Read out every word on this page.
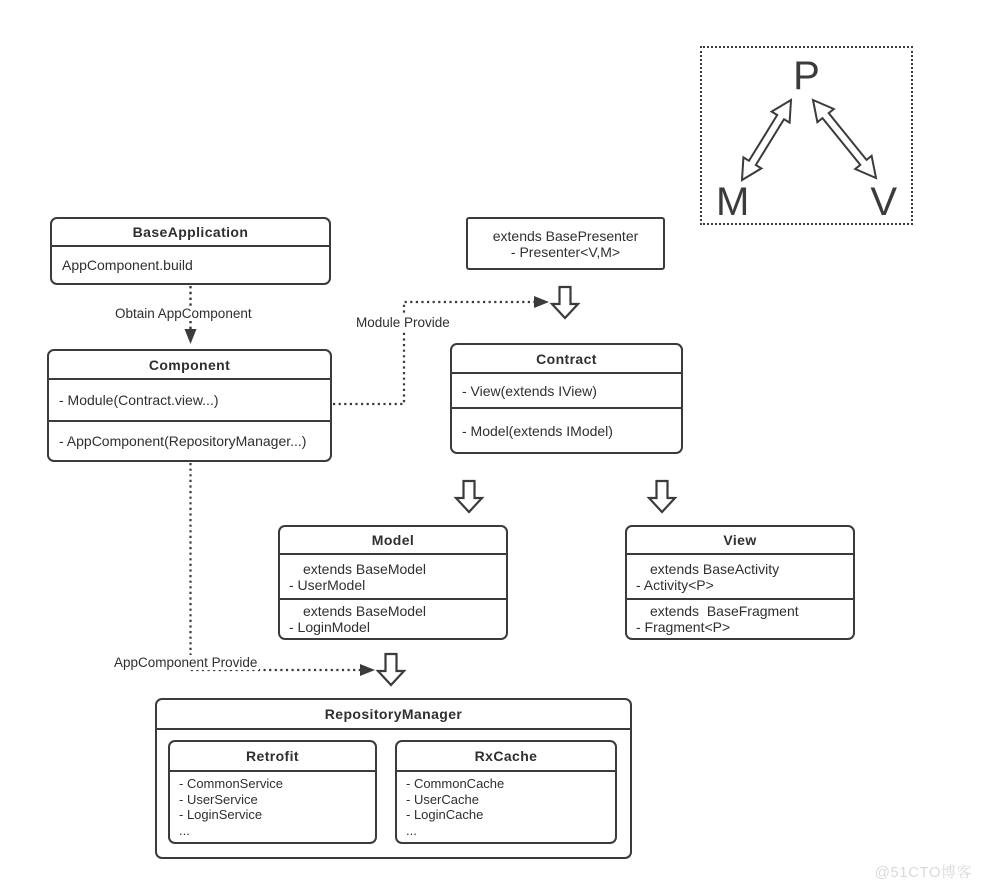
P
M	V
BaseApplication
AppComponent.build
Component
- Module(Contract.view...)
- AppComponent(RepositoryManager...)
extends BasePresenter
- Presenter<V,M>
Contract
- View(extends IView)
- Model(extends IModel)
Model
extends BaseModel
- UserModel
extends BaseModel
- LoginModel
View
extends BaseActivity
- Activity<P>
extends  BaseFragment
- Fragment<P>
RepositoryManager
Retrofit
- CommonService
- UserService
- LoginService
...
RxCache
- CommonCache
- UserCache
- LoginCache
...
Obtain AppComponent
Module Provide
AppComponent Provide
@51CTO博客
